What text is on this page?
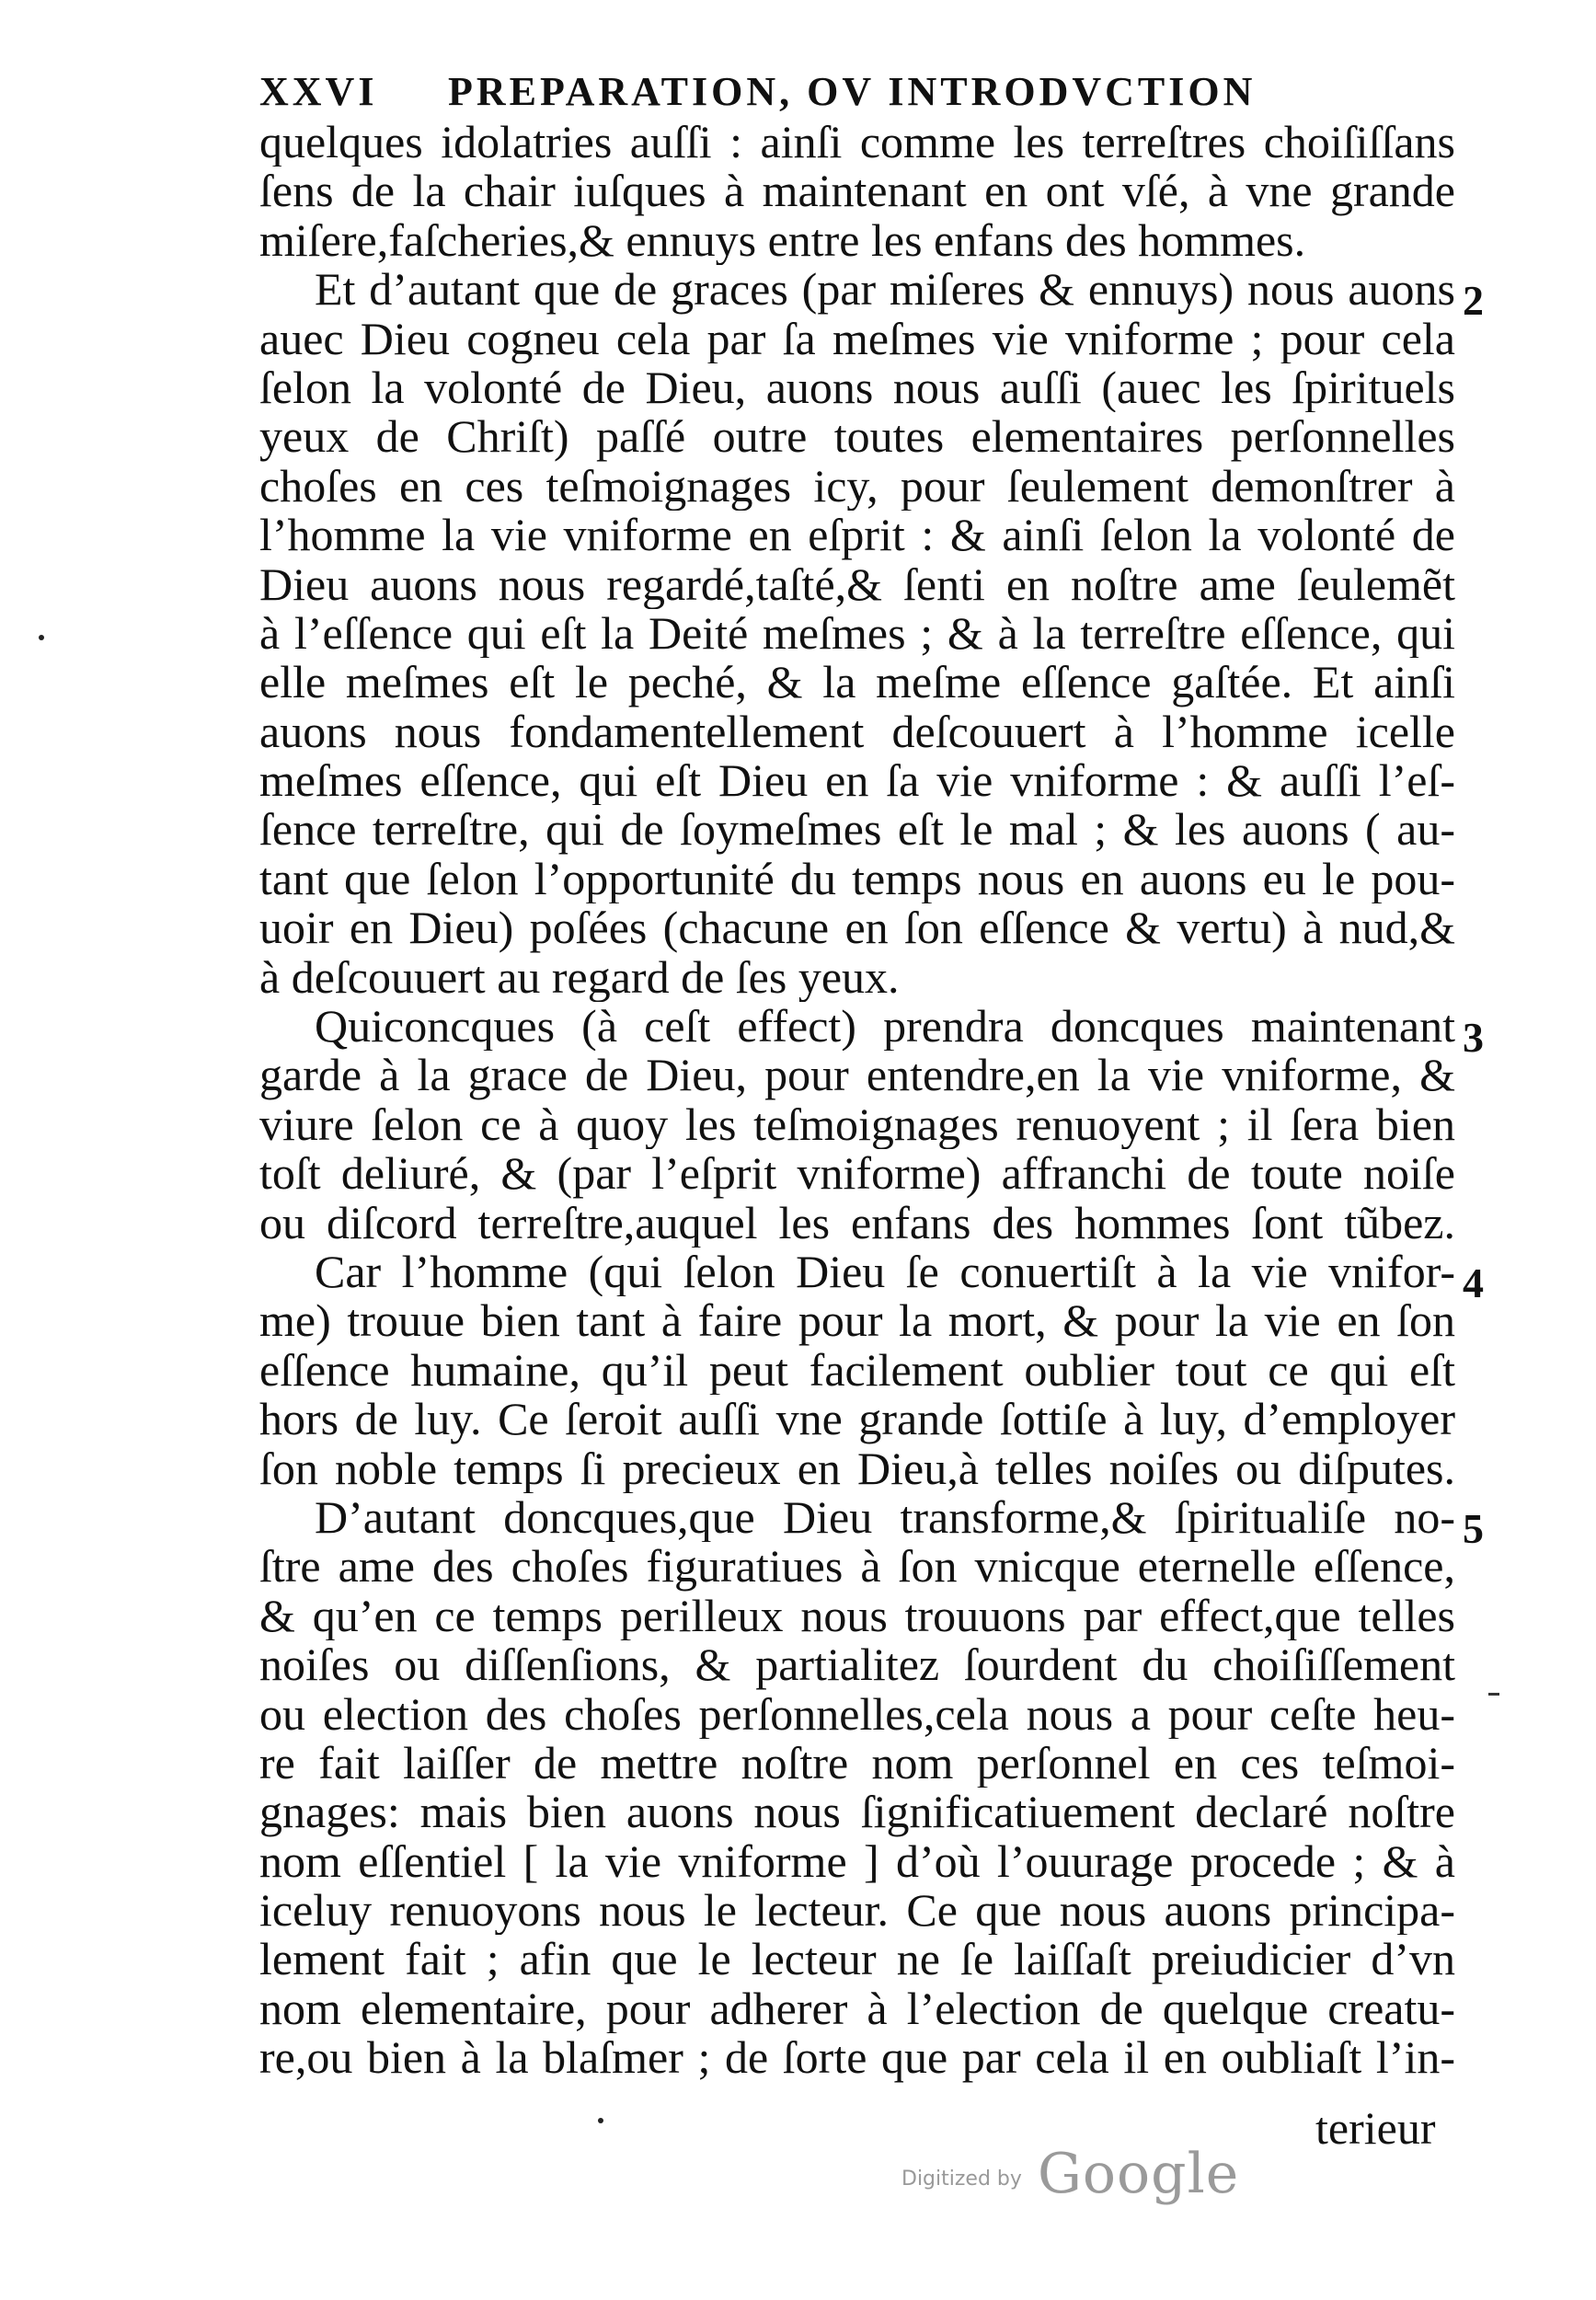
XXVI PREPARATION, OV INTRODVCTION
quelques idolatries auſſi : ainſi comme les terreſtres choiſiſſans
ſens de la chair iuſques à maintenant en ont vſé, à vne grande
miſere,faſcheries,& ennuys entre les enfans des hommes.
Et d’autant que de graces (par miſeres & ennuys) nous auons
auec Dieu cogneu cela par ſa meſmes vie vniforme ; pour cela
ſelon la volonté de Dieu, auons nous auſſi (auec les ſpirituels
yeux de Chriſt) paſſé outre toutes elementaires perſonnelles
choſes en ces teſmoignages icy, pour ſeulement demonſtrer à
l’homme la vie vniforme en eſprit : & ainſi ſelon la volonté de
Dieu auons nous regardé,taſté,& ſenti en noſtre ame ſeulemẽt
à l’eſſence qui eſt la Deité meſmes ; & à la terreſtre eſſence, qui
elle meſmes eſt le peché, & la meſme eſſence gaſtée. Et ainſi
auons nous fondamentellement deſcouuert à l’homme icelle
meſmes eſſence, qui eſt Dieu en ſa vie vniforme : & auſſi l’eſ-
ſence terreſtre, qui de ſoymeſmes eſt le mal ; & les auons ( au-
tant que ſelon l’opportunité du temps nous en auons eu le pou-
uoir en Dieu) poſées (chacune en ſon eſſence & vertu) à nud,&
à deſcouuert au regard de ſes yeux.
Quiconcques (à ceſt effect) prendra doncques maintenant
garde à la grace de Dieu, pour entendre,en la vie vniforme, &
viure ſelon ce à quoy les teſmoignages renuoyent ; il ſera bien
toſt deliuré, & (par l’eſprit vniforme) affranchi de toute noiſe
ou diſcord terreſtre,auquel les enfans des hommes ſont tũbez.
Car l’homme (qui ſelon Dieu ſe conuertiſt à la vie vnifor-
me) trouue bien tant à faire pour la mort, & pour la vie en ſon
eſſence humaine, qu’il peut facilement oublier tout ce qui eſt
hors de luy. Ce ſeroit auſſi vne grande ſottiſe à luy, d’employer
ſon noble temps ſi precieux en Dieu,à telles noiſes ou diſputes.
D’autant doncques,que Dieu transforme,& ſpiritualiſe no-
ſtre ame des choſes figuratiues à ſon vnicque eternelle eſſence,
& qu’en ce temps perilleux nous trouuons par effect,que telles
noiſes ou diſſenſions, & partialitez ſourdent du choiſiſſement
ou election des choſes perſonnelles,cela nous a pour ceſte heu-
re fait laiſſer de mettre noſtre nom perſonnel en ces teſmoi-
gnages: mais bien auons nous ſignificatiuement declaré noſtre
nom eſſentiel [ la vie vniforme ] d’où l’ouurage procede ; & à
iceluy renuoyons nous le lecteur. Ce que nous auons principa-
lement fait ; afin que le lecteur ne ſe laiſſaſt preiudicier d’vn
nom elementaire, pour adherer à l’election de quelque creatu-
re,ou bien à la blaſmer ; de ſorte que par cela il en oubliaſt l’in-
2
3
4
5
terieur
Digitized by Google
